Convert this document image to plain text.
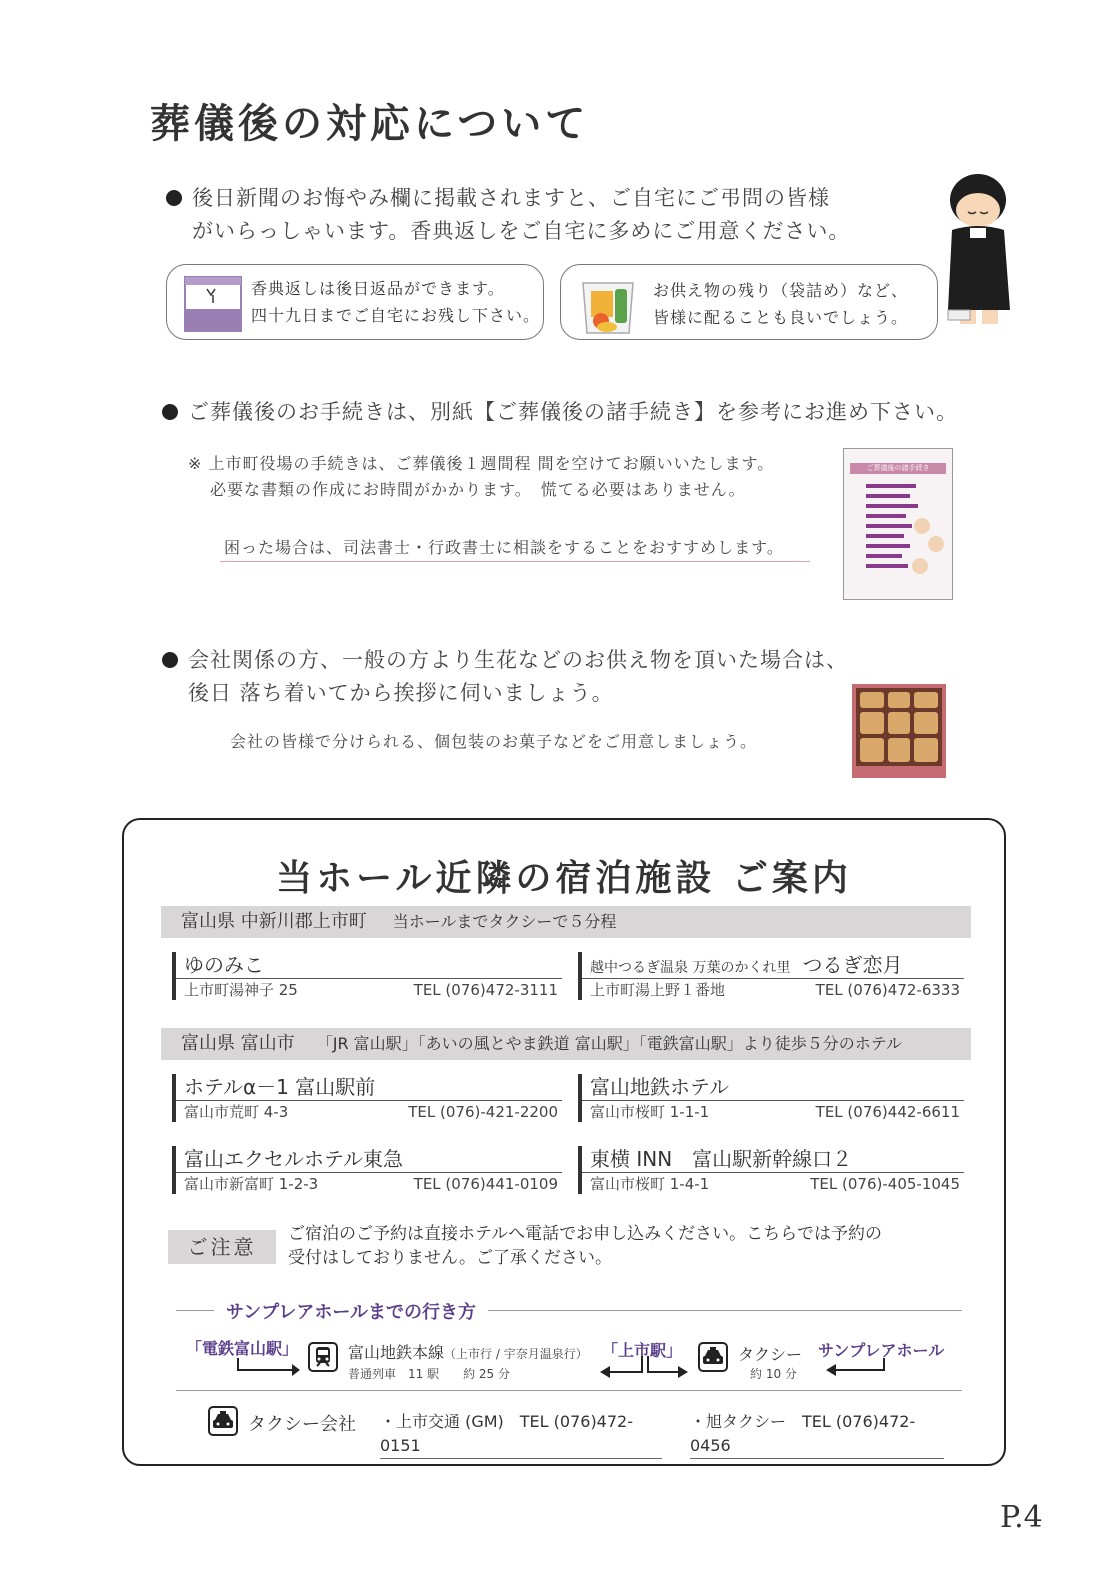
葬儀後の対応について
後日新聞のお悔やみ欄に掲載されますと、ご自宅にご弔問の皆様
がいらっしゃいます。香典返しをご自宅に多めにご用意ください。
香典返しは後日返品ができます。
四十九日までご自宅にお残し下さい。
お供え物の残り（袋詰め）など、
皆様に配ることも良いでしょう。
ご葬儀後のお手続きは、別紙【ご葬儀後の諸手続き】を参考にお進め下さい。
※ 上市町役場の手続きは、ご葬儀後１週間程 間を空けてお願いいたします。
必要な書類の作成にお時間がかかります。　慌てる必要はありません。
困った場合は、司法書士・行政書士に相談をすることをおすすめします。
ご葬儀後の諸手続き
会社関係の方、一般の方より生花などのお供え物を頂いた場合は、
後日 落ち着いてから挨拶に伺いましょう。
会社の皆様で分けられる、個包装のお菓子などをご用意しましょう。
当ホール近隣の宿泊施設 ご案内
富山県 中新川郡上市町 当ホールまでタクシーで５分程
ゆのみこ
上市町湯神子 25	TEL (076)472-3111
越中つるぎ温泉 万葉のかくれ里 つるぎ恋月
上市町湯上野１番地	TEL (076)472-6333
富山県 富山市 「JR 富山駅」「あいの風とやま鉄道 富山駅」「電鉄富山駅」より徒歩５分のホテル
ホテルα－1 富山駅前
富山市荒町 4-3	TEL (076)-421-2200
富山地鉄ホテル
富山市桜町 1-1-1	TEL (076)442-6611
富山エクセルホテル東急
富山市新富町 1-2-3	TEL (076)441-0109
東横 INN　富山駅新幹線口２
富山市桜町 1-4-1	TEL (076)-405-1045
ご注意
ご宿泊のご予約は直接ホテルへ電話でお申し込みください。こちらでは予約の
受付はしておりません。ご了承ください。
サンプレアホールまでの行き方
「電鉄富山駅」	富山地鉄本線（上市行 / 宇奈月温泉行）
普通列車　11 駅　　約 25 分
「上市駅」	タクシー
約 10 分
サンプレアホール
タクシー会社 ・上市交通 (GM)　TEL (076)472-0151
・旭タクシー　TEL (076)472-0456
P.4
